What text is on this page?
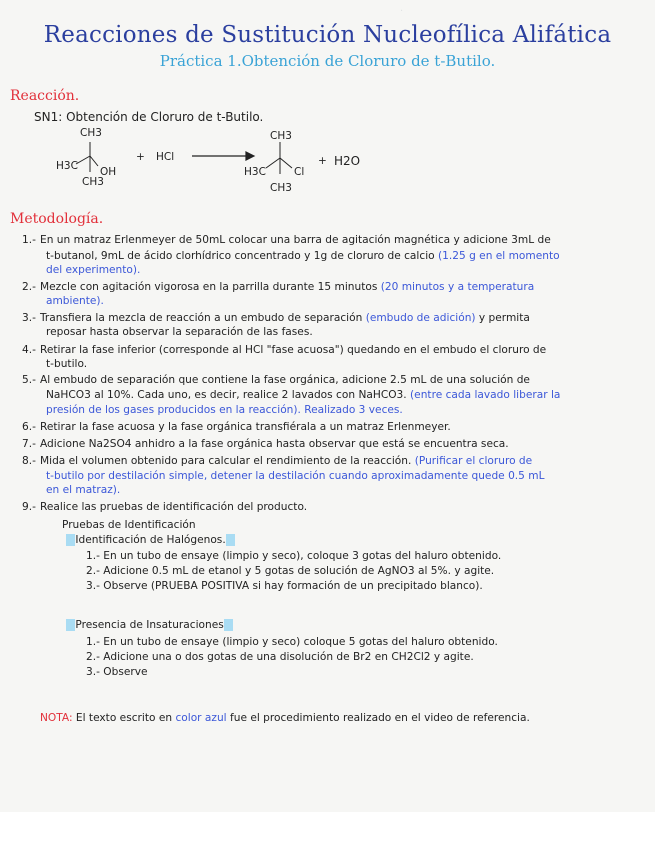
·
Reacciones de Sustitución Nucleofílica Alifática
Práctica 1.Obtención de Cloruro de t-Butilo.
Reacción.
SN1: Obtención de Cloruro de t-Butilo.
CH3
H3C OH
CH3
+ HCl
CH3
H3C	Cl
CH3
+ H2O
Metodología.
1.- En un matraz Erlenmeyer de 50mL colocar una barra de agitación magnética y adicione 3mL de
t-butanol, 9mL de ácido clorhídrico concentrado y 1g de cloruro de calcio (1.25 g en el momento
del experimento).
2.- Mezcle con agitación vigorosa en la parrilla durante 15 minutos (20 minutos y a temperatura
ambiente).
3.- Transfiera la mezcla de reacción a un embudo de separación (embudo de adición) y permita
reposar hasta observar la separación de las fases.
4.- Retirar la fase inferior (corresponde al HCl "fase acuosa") quedando en el embudo el cloruro de
t-butilo.
5.- Al embudo de separación que contiene la fase orgánica, adicione 2.5 mL de una solución de
NaHCO3 al 10%. Cada uno, es decir, realice 2 lavados con NaHCO3. (entre cada lavado liberar la
presión de los gases producidos en la reacción). Realizado 3 veces.
6.- Retirar la fase acuosa y la fase orgánica transfiérala a un matraz Erlenmeyer.
7.- Adicione Na2SO4 anhidro a la fase orgánica hasta observar que está se encuentra seca.
8.- Mida el volumen obtenido para calcular el rendimiento de la reacción. (Purificar el cloruro de
t-butilo por destilación simple, detener la destilación cuando aproximadamente quede 0.5 mL
en el matraz).
9.- Realice las pruebas de identificación del producto.
Pruebas de Identificación
Identificación de Halógenos.
1.- En un tubo de ensaye (limpio y seco), coloque 3 gotas del haluro obtenido.
2.- Adicione 0.5 mL de etanol y 5 gotas de solución de AgNO3 al 5%. y agite.
3.- Observe (PRUEBA POSITIVA si hay formación de un precipitado blanco).
Presencia de Insaturaciones
1.- En un tubo de ensaye (limpio y seco) coloque 5 gotas del haluro obtenido.
2.- Adicione una o dos gotas de una disolución de Br2 en CH2Cl2 y agite.
3.- Observe
NOTA: El texto escrito en color azul fue el procedimiento realizado en el video de referencia.
